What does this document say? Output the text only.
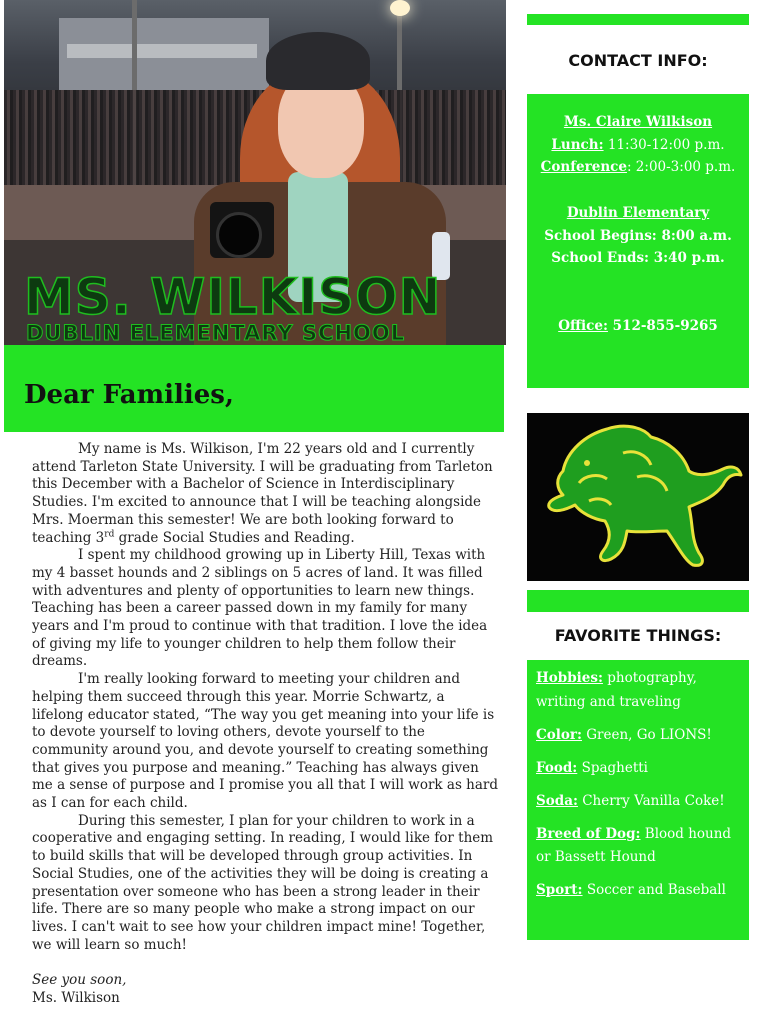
MS. WILKISON
DUBLIN ELEMENTARY SCHOOL
Dear Families,

My name is Ms. Wilkison, I'm 22 years old and I currently attend Tarleton State University. I will be graduating from Tarleton this December with a Bachelor of Science in Interdisciplinary Studies. I'm excited to announce that I will be teaching alongside Mrs. Moerman this semester! We are both looking forward to teaching 3rd grade Social Studies and Reading.

I spent my childhood growing up in Liberty Hill, Texas with my 4 basset hounds and 2 siblings on 5 acres of land. It was filled with adventures and plenty of opportunities to learn new things. Teaching has been a career passed down in my family for many years and I'm proud to continue with that tradition. I love the idea of giving my life to younger children to help them follow their dreams.

I'm really looking forward to meeting your children and helping them succeed through this year. Morrie Schwartz, a lifelong educator stated, “The way you get meaning into your life is to devote yourself to loving others, devote yourself to the community around you, and devote yourself to creating something that gives you purpose and meaning.” Teaching has always given me a sense of purpose and I promise you all that I will work as hard as I can for each child.

During this semester, I plan for your children to work in a cooperative and engaging setting. In reading, I would like for them to build skills that will be developed through group activities. In Social Studies, one of the activities they will be doing is creating a presentation over someone who has been a strong leader in their life. There are so many people who make a strong impact on our lives. I can't wait to see how your children impact mine! Together, we will learn so much!

See you soon,

Ms. Wilkison

CONTACT INFO:
Ms. Claire Wilkison
Lunch: 11:30-12:00 p.m.
Conference: 2:00-3:00 p.m.
Dublin Elementary
School Begins: 8:00 a.m.
School Ends: 3:40 p.m.
Office: 512-855-9265
FAVORITE THINGS:
Hobbies: photography, writing and traveling
Color: Green, Go LIONS!
Food: Spaghetti
Soda: Cherry Vanilla Coke!
Breed of Dog: Blood hound or Bassett Hound
Sport: Soccer and Baseball
